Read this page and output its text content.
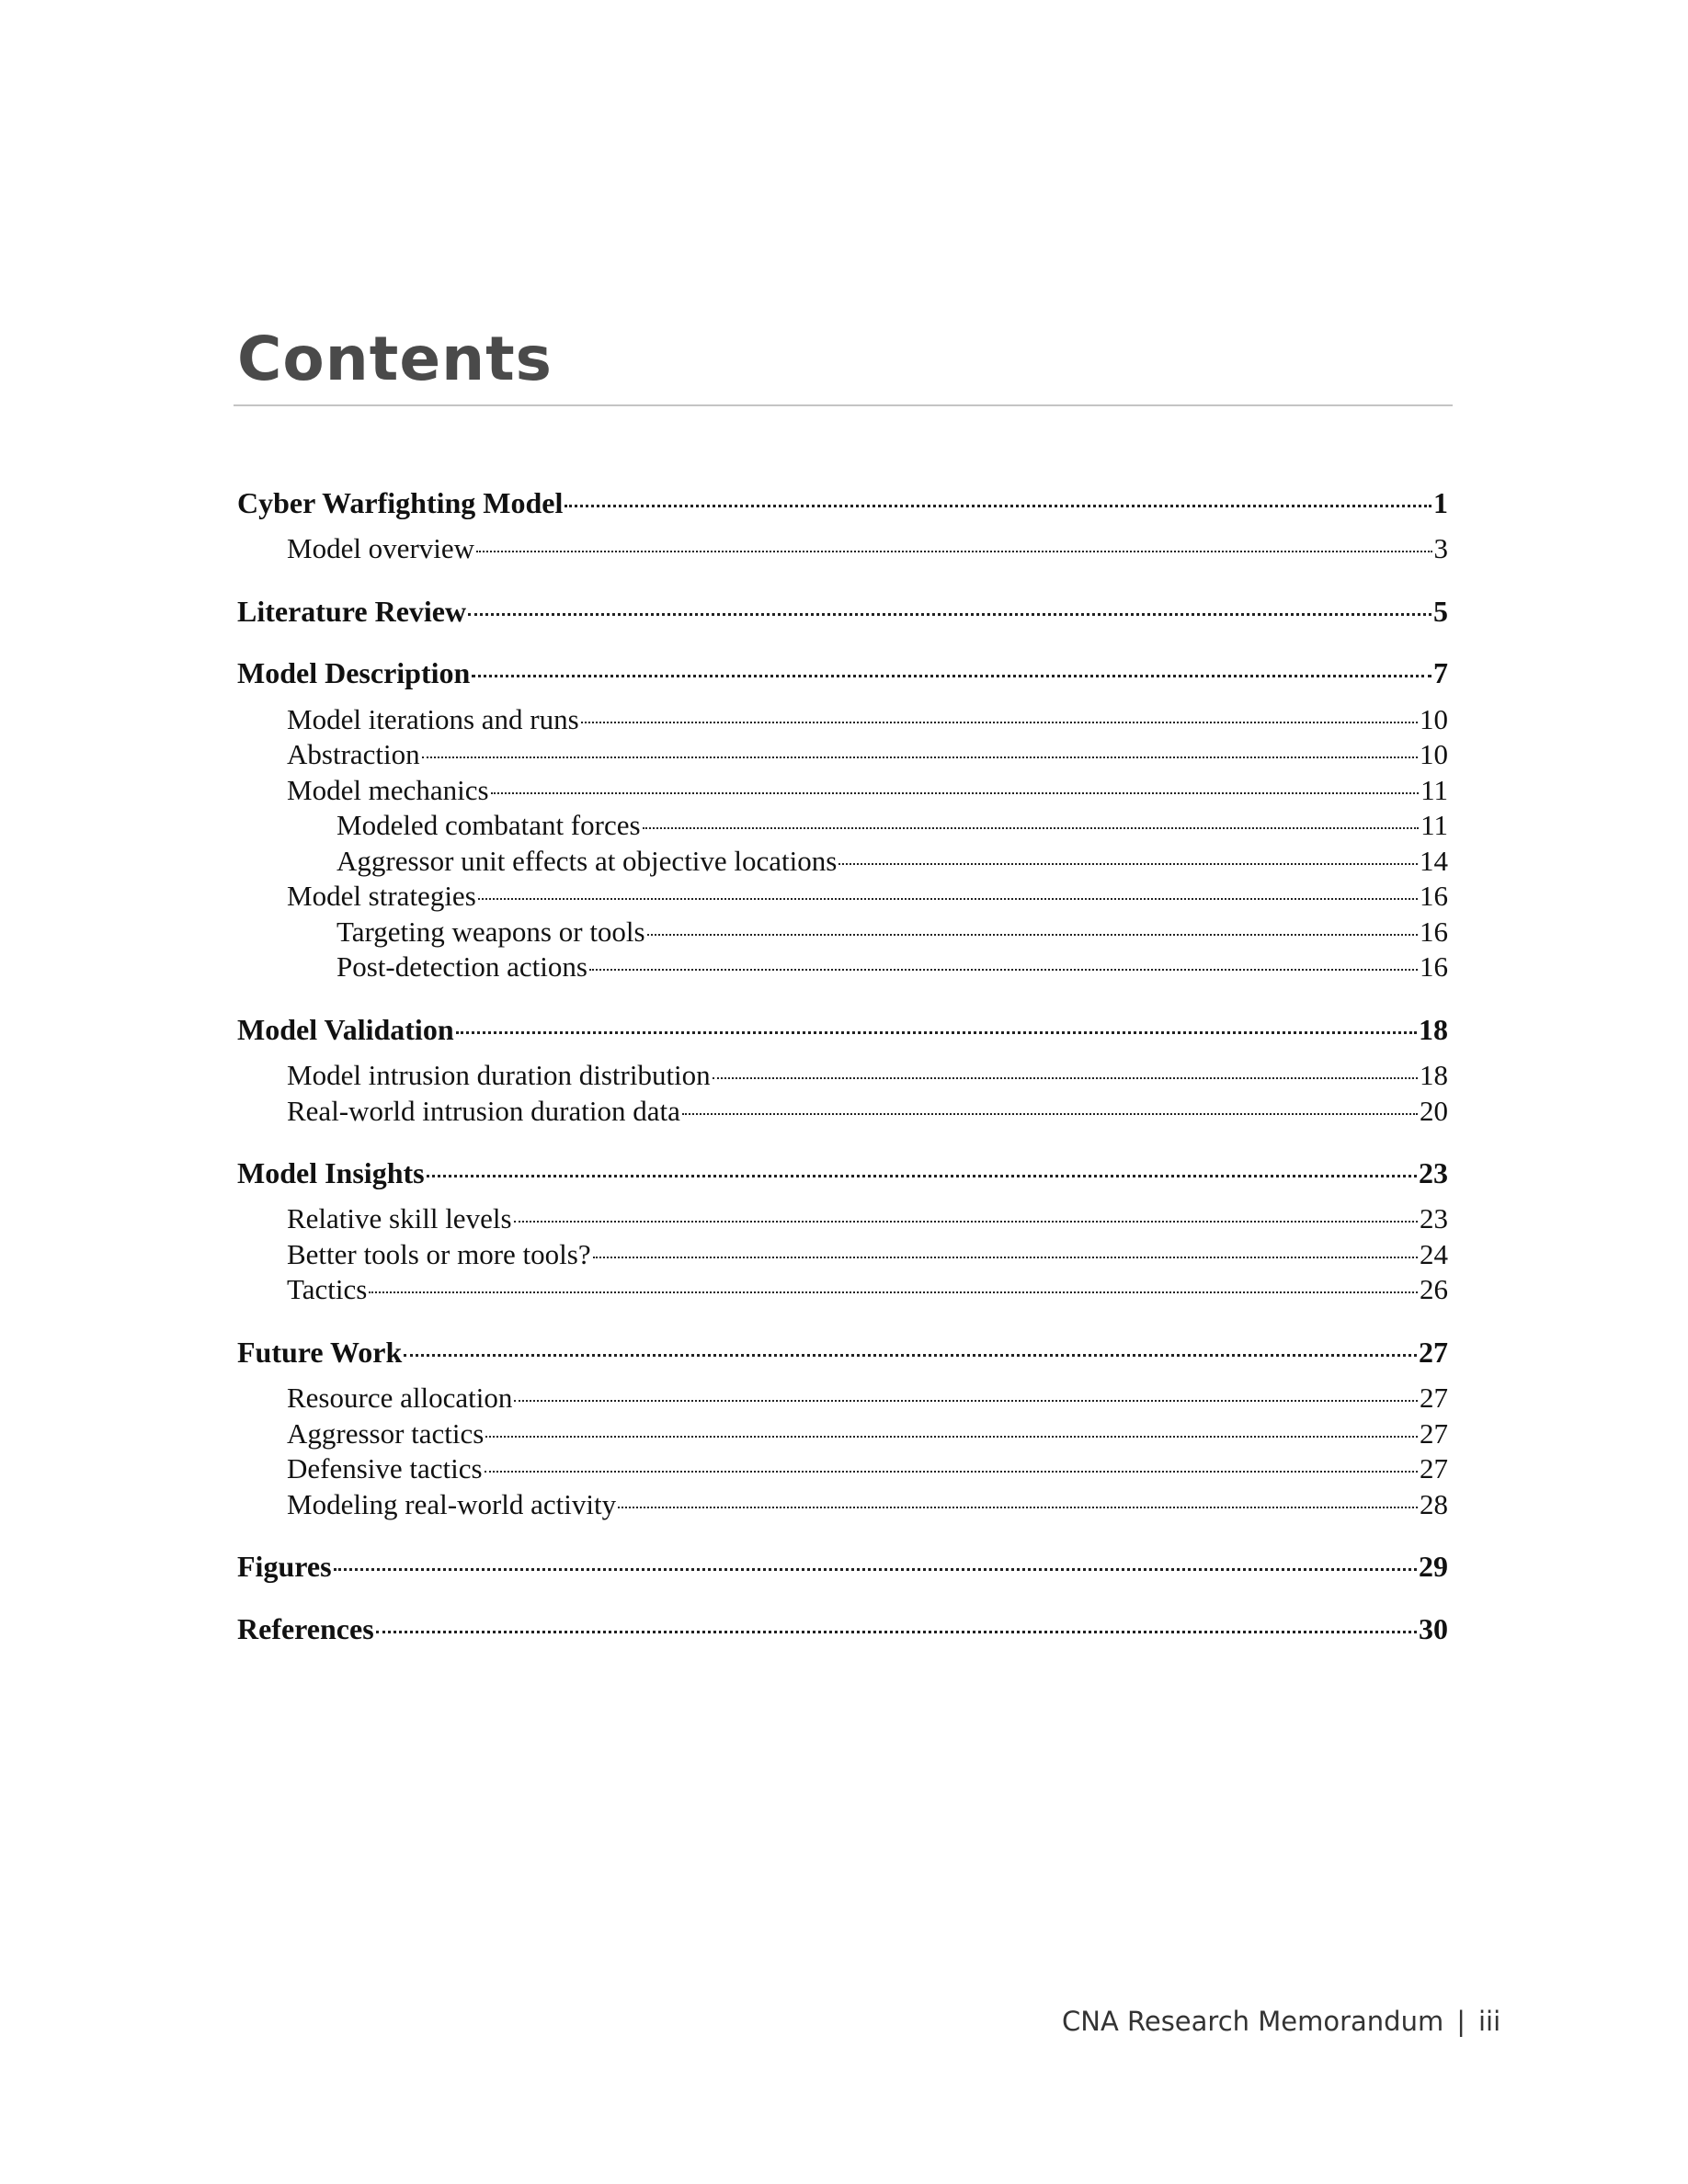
Contents
Cyber Warfighting Model	1
Model overview	3
Literature Review	5
Model Description	7
Model iterations and runs	10
Abstraction	10
Model mechanics	11
Modeled combatant forces	11
Aggressor unit effects at objective locations	14
Model strategies	16
Targeting weapons or tools	16
Post-detection actions	16
Model Validation	18
Model intrusion duration distribution	18
Real-world intrusion duration data	20
Model Insights	23
Relative skill levels	23
Better tools or more tools?	24
Tactics	26
Future Work	27
Resource allocation	27
Aggressor tactics	27
Defensive tactics	27
Modeling real-world activity	28
Figures	29
References	30
CNA Research Memorandum | iii
